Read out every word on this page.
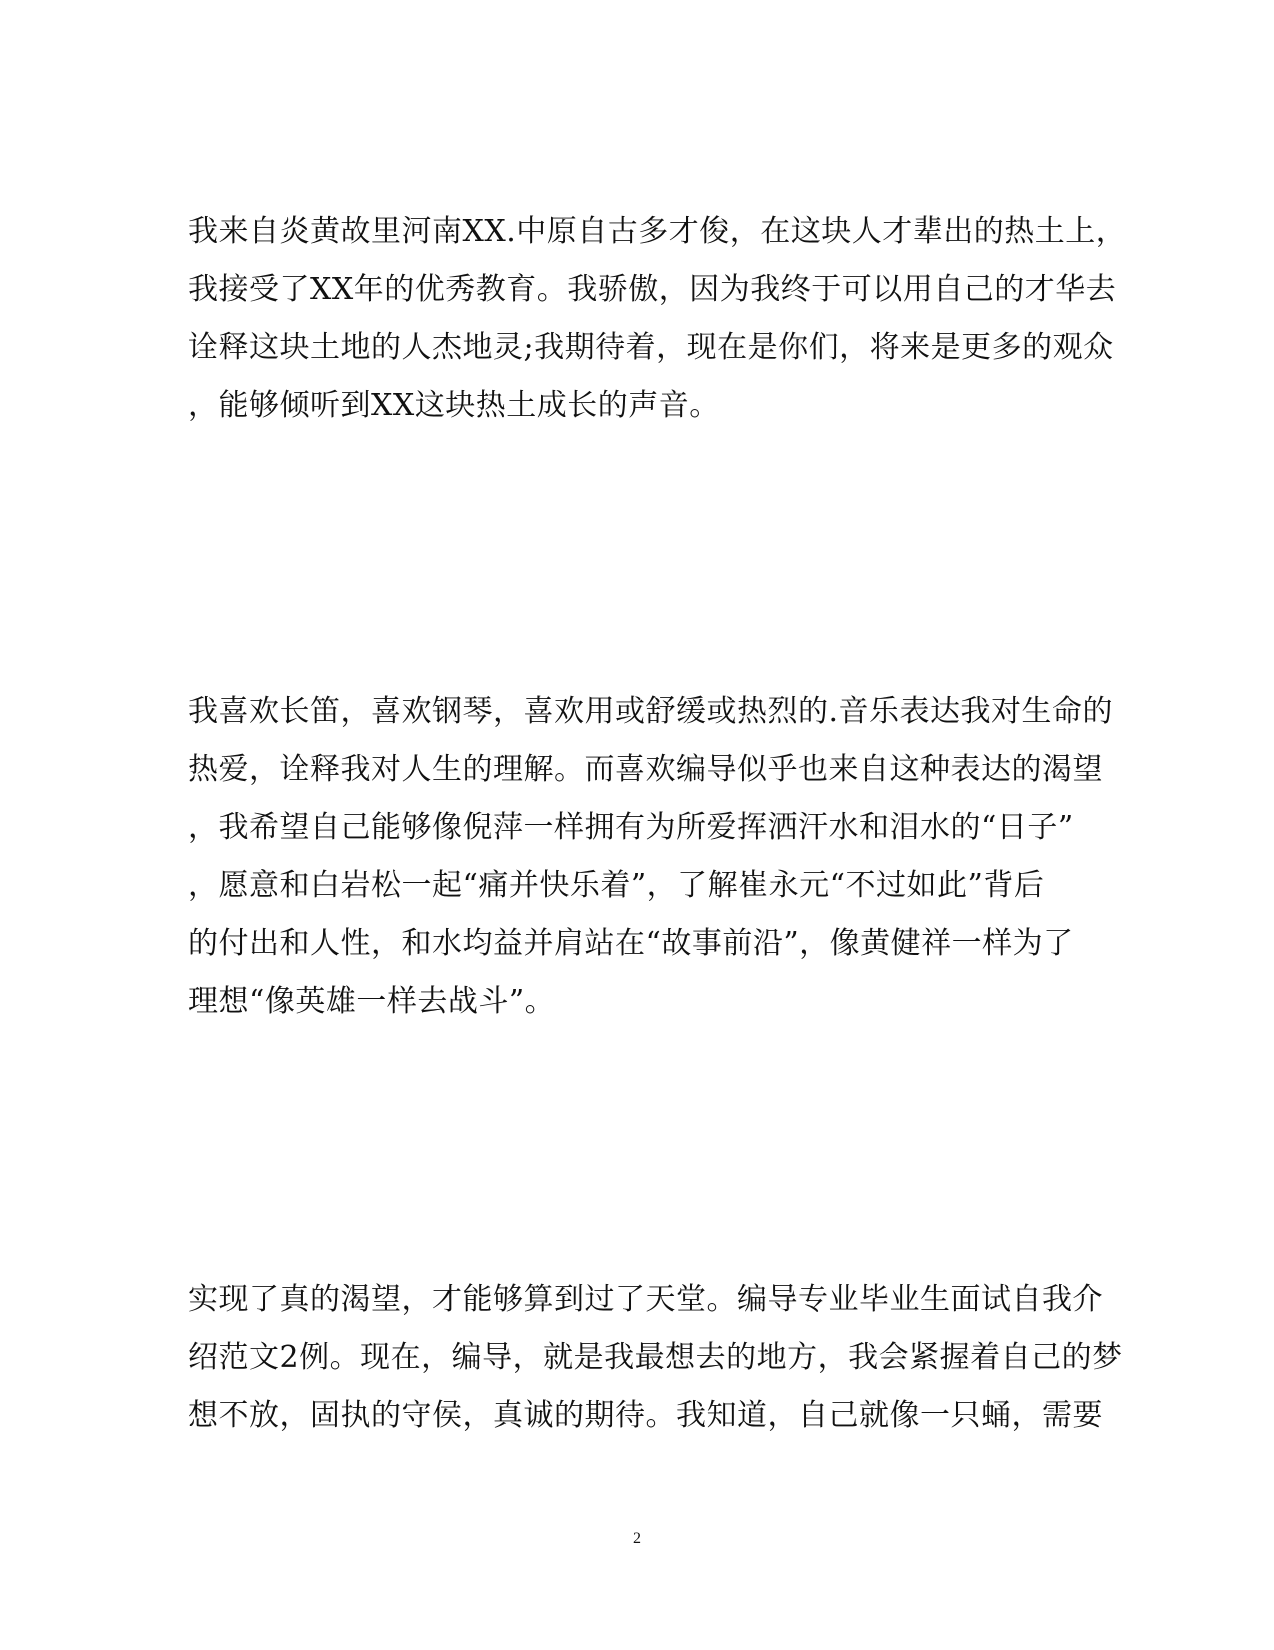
我来自炎黄故里河南XX.中原自古多才俊，在这块人才辈出的热土上，
我接受了XX年的优秀教育。我骄傲，因为我终于可以用自己的才华去
诠释这块土地的人杰地灵;我期待着，现在是你们，将来是更多的观众
，能够倾听到XX这块热土成长的声音。
我喜欢长笛，喜欢钢琴，喜欢用或舒缓或热烈的.音乐表达我对生命的
热爱，诠释我对人生的理解。而喜欢编导似乎也来自这种表达的渴望
，我希望自己能够像倪萍一样拥有为所爱挥洒汗水和泪水的“日子”
，愿意和白岩松一起“痛并快乐着”，了解崔永元“不过如此”背后
的付出和人性，和水均益并肩站在“故事前沿”，像黄健祥一样为了
理想“像英雄一样去战斗”。
实现了真的渴望，才能够算到过了天堂。编导专业毕业生面试自我介
绍范文2例。现在，编导，就是我最想去的地方，我会紧握着自己的梦
想不放，固执的守侯，真诚的期待。我知道，自己就像一只蛹，需要
2
